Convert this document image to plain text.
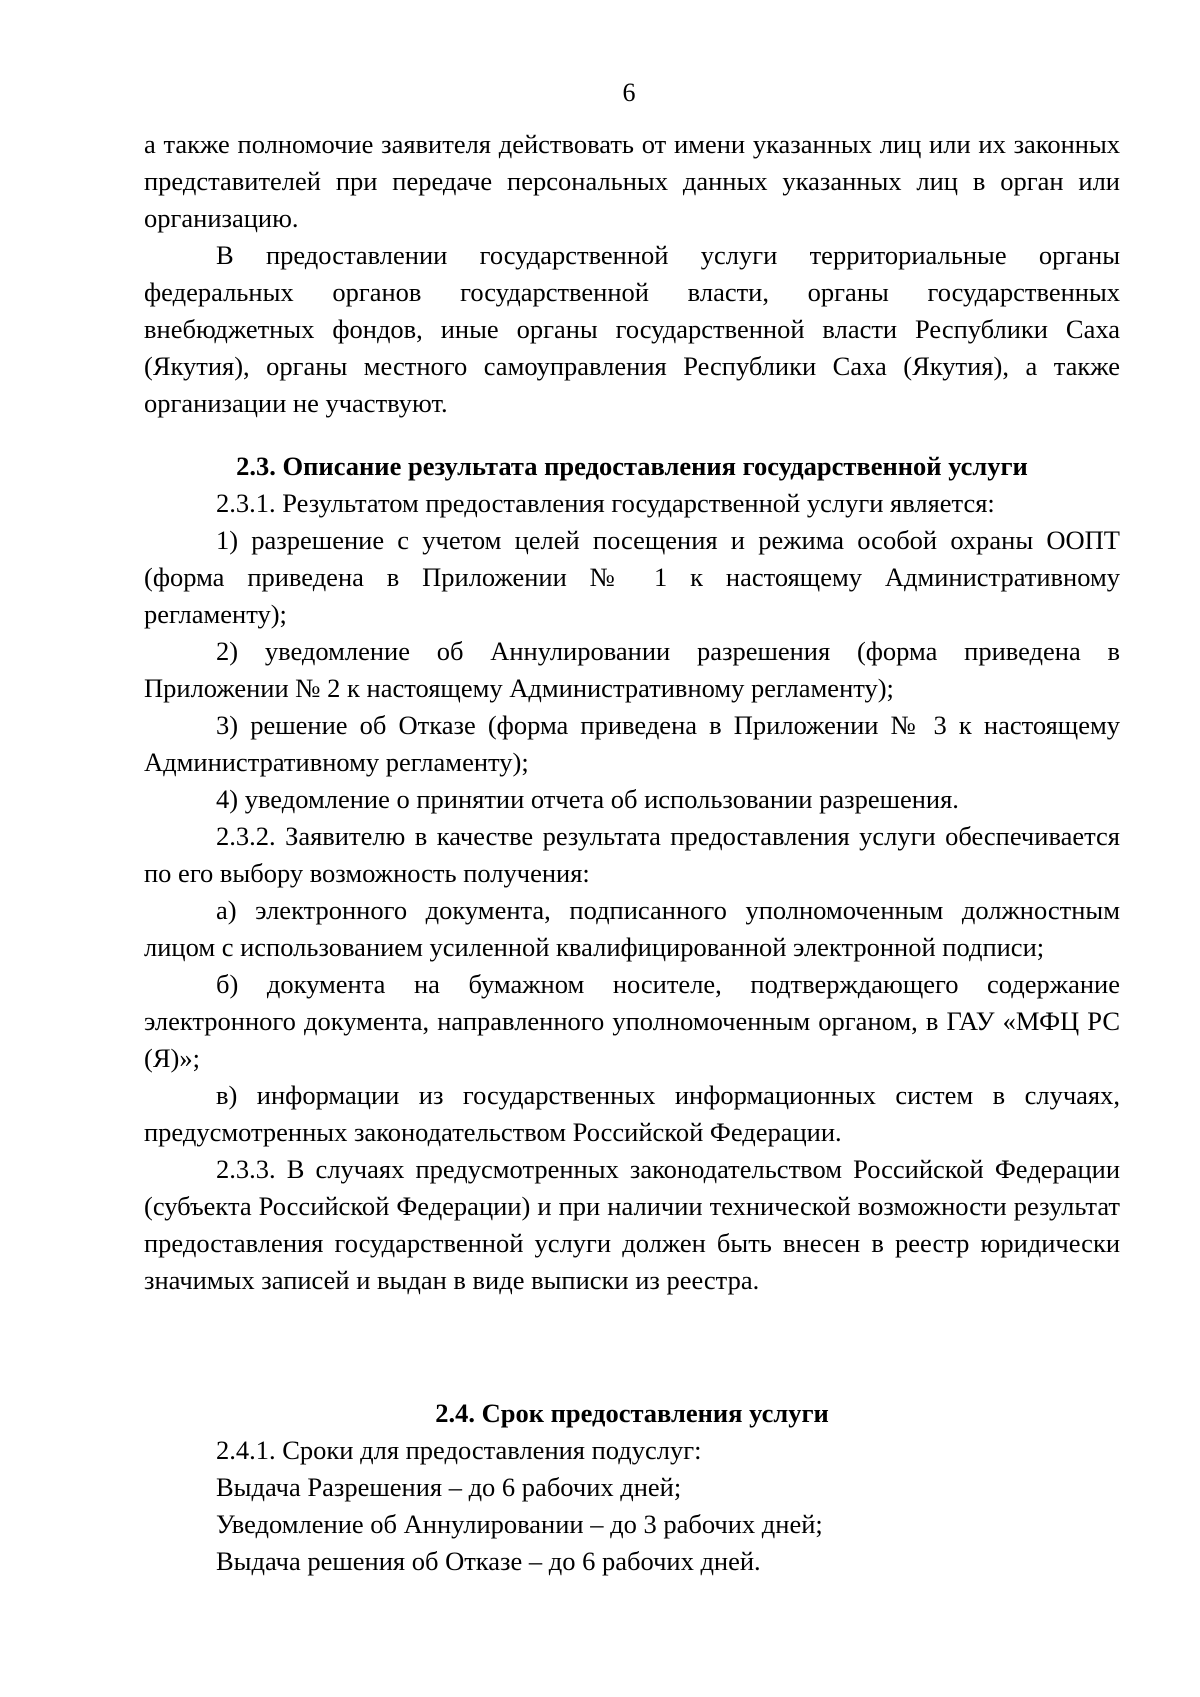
6

а также полномочие заявителя действовать от имени указанных лиц или их законных представителей при передаче персональных данных указанных лиц в орган или организацию.

В предоставлении государственной услуги территориальные органы федеральных органов государственной власти, органы государственных внебюджетных фондов, иные органы государственной власти Республики Саха (Якутия), органы местного самоуправления Республики Саха (Якутия), а также организации не участвуют.

2.3. Описание результата предоставления государственной услуги

2.3.1. Результатом предоставления государственной услуги является:

1) разрешение с учетом целей посещения и режима особой охраны ООПТ (форма приведена в Приложении № 1 к настоящему Административному регламенту);

2) уведомление об Аннулировании разрешения (форма приведена в Приложении № 2 к настоящему Административному регламенту);

3) решение об Отказе (форма приведена в Приложении № 3 к настоящему Административному регламенту);

4) уведомление о принятии отчета об использовании разрешения.

2.3.2. Заявителю в качестве результата предоставления услуги обеспечивается по его выбору возможность получения:

а) электронного документа, подписанного уполномоченным должностным лицом с использованием усиленной квалифицированной электронной подписи;

б) документа на бумажном носителе, подтверждающего содержание электронного документа, направленного уполномоченным органом, в ГАУ «МФЦ РС (Я)»;

в) информации из государственных информационных систем в случаях, предусмотренных законодательством Российской Федерации.

2.3.3. В случаях предусмотренных законодательством Российской Федерации (субъекта Российской Федерации) и при наличии технической возможности результат предоставления государственной услуги должен быть внесен в реестр юридически значимых записей и выдан в виде выписки из реестра.

2.4. Срок предоставления услуги

2.4.1. Сроки для предоставления подуслуг:

Выдача Разрешения – до 6 рабочих дней;

Уведомление об Аннулировании – до 3 рабочих дней;

Выдача решения об Отказе – до 6 рабочих дней.
